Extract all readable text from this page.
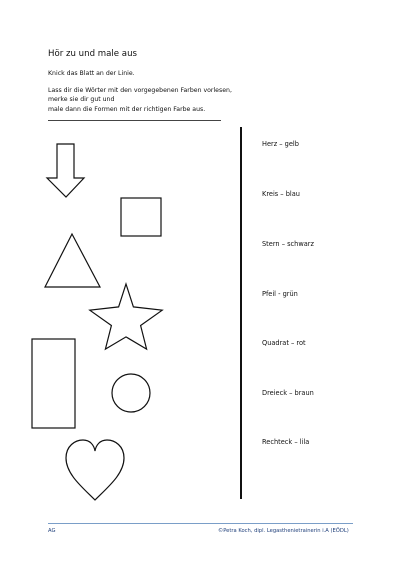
Hör zu und male aus
Knick das Blatt an der Linie.
Lass dir die Wörter mit den vorgegebenen Farben vorlesen,
merke sie dir gut und
male dann die Formen mit der richtigen Farbe aus.
Herz – gelb
Kreis – blau
Stern – schwarz
Pfeil - grün
Quadrat – rot
Dreieck – braun
Rechteck – lila
AG	©Petra Koch, dipl. Legasthenietrainerin i.A (EÖDL)
